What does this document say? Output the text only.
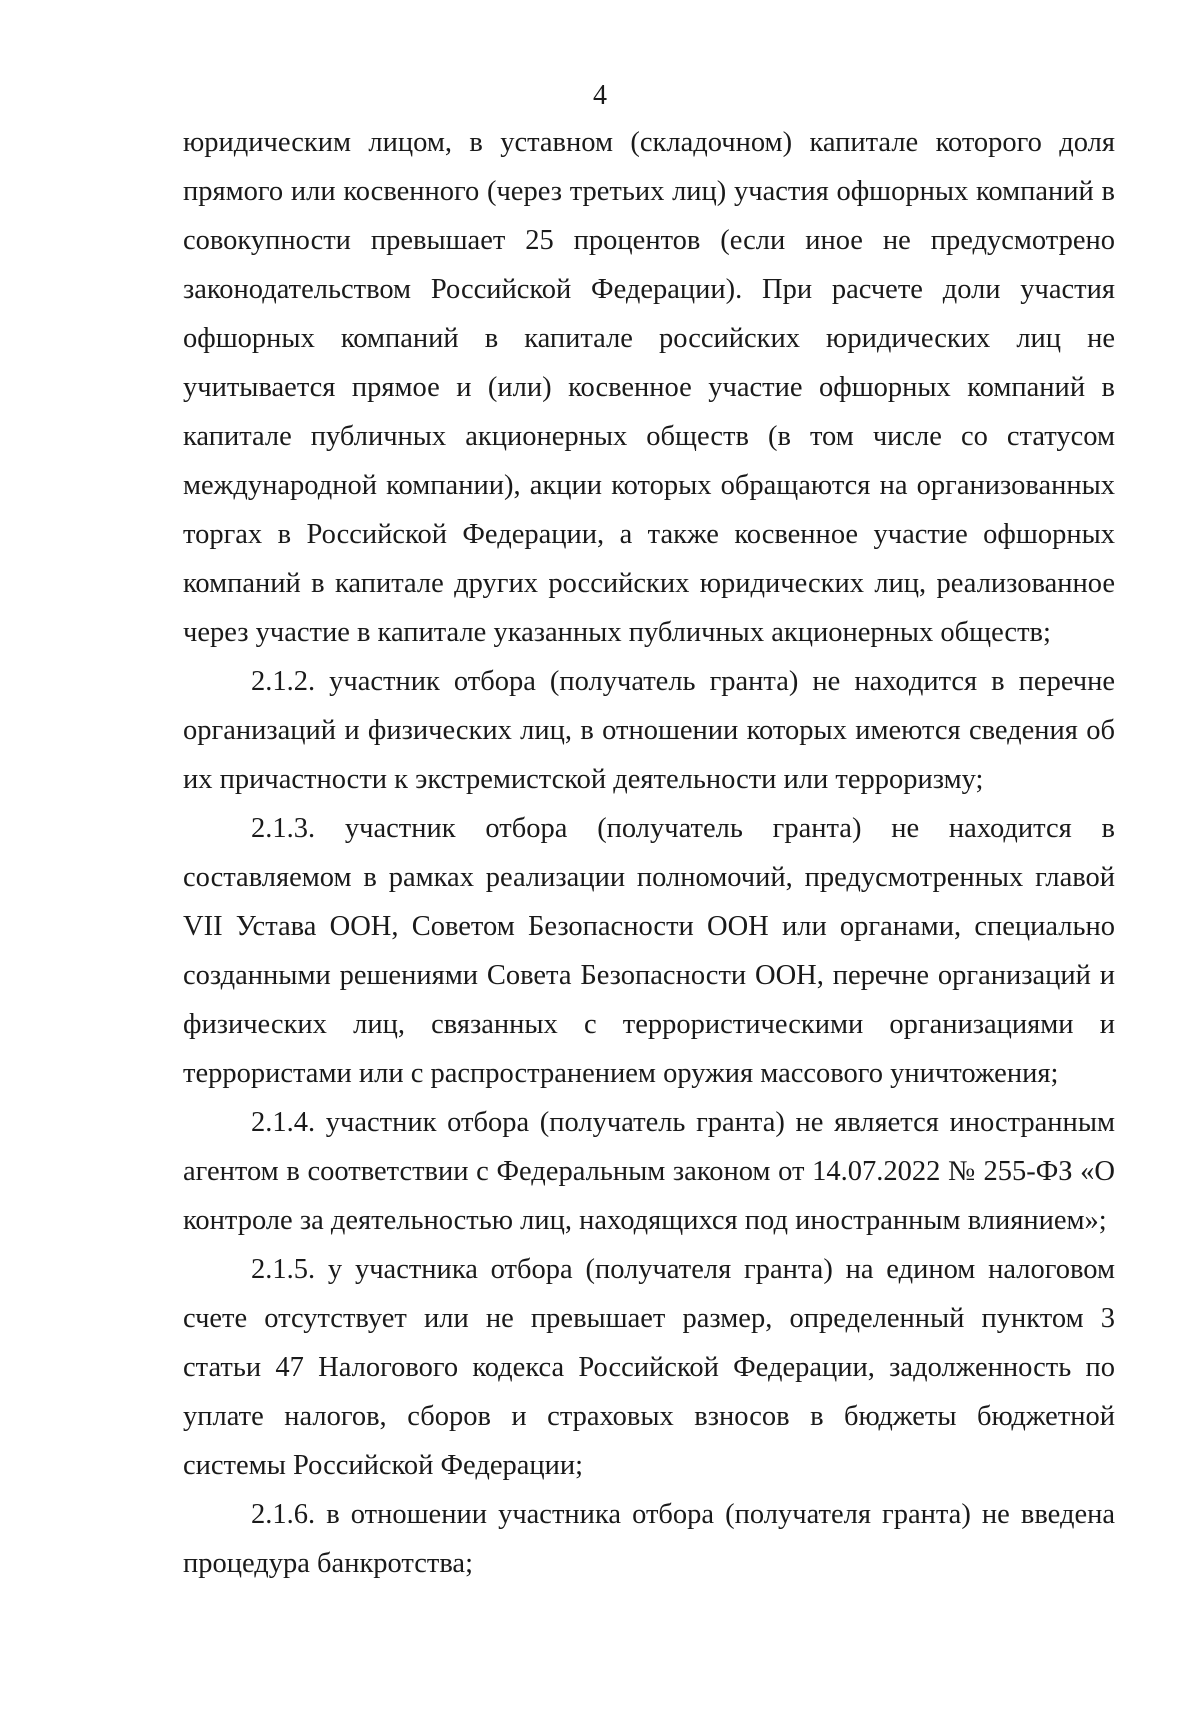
4

юридическим лицом, в уставном (складочном) капитале которого доля прямого или косвенного (через третьих лиц) участия офшорных компаний в совокупности превышает 25 процентов (если иное не предусмотрено законодательством Российской Федерации). При расчете доли участия офшорных компаний в капитале российских юридических лиц не учитывается прямое и (или) косвенное участие офшорных компаний в капитале публичных акционерных обществ (в том числе со статусом международной компании), акции которых обращаются на организованных торгах в Российской Федерации, а также косвенное участие офшорных компаний в капитале других российских юридических лиц, реализованное через участие в капитале указанных публичных акционерных обществ;

2.1.2. участник отбора (получатель гранта) не находится в перечне организаций и физических лиц, в отношении которых имеются сведения об их причастности к экстремистской деятельности или терроризму;

2.1.3. участник отбора (получатель гранта) не находится в составляемом в рамках реализации полномочий, предусмотренных главой VII Устава ООН, Советом Безопасности ООН или органами, специально созданными решениями Совета Безопасности ООН, перечне организаций и физических лиц, связанных с террористическими организациями и террористами или с распространением оружия массового уничтожения;

2.1.4. участник отбора (получатель гранта) не является иностранным агентом в соответствии с Федеральным законом от 14.07.2022 № 255-ФЗ «О контроле за деятельностью лиц, находящихся под иностранным влиянием»;

2.1.5. у участника отбора (получателя гранта) на едином налоговом счете отсутствует или не превышает размер, определенный пунктом 3 статьи 47 Налогового кодекса Российской Федерации, задолженность по уплате налогов, сборов и страховых взносов в бюджеты бюджетной системы Российской Федерации;

2.1.6. в отношении участника отбора (получателя гранта) не введена процедура банкротства;
